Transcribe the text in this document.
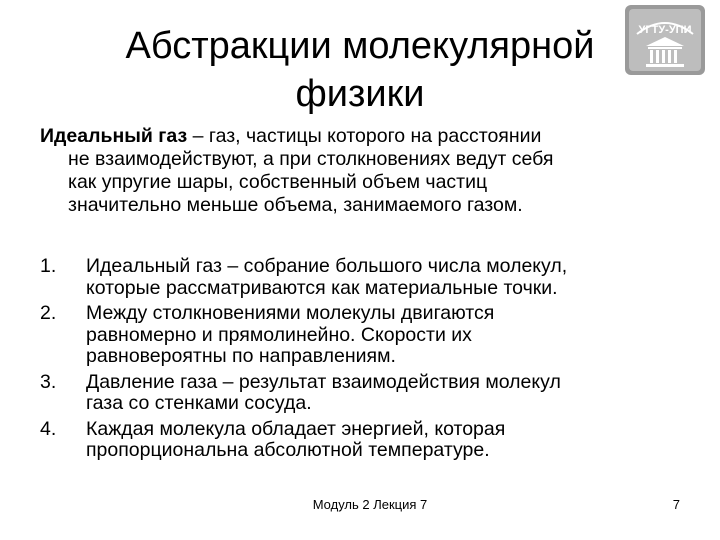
Абстракции молекулярной
физики
УГТУ-УПИ
Идеальный газ – газ, частицы которого на расстоянии
не взаимодействуют, а при столкновениях ведут себя
как упругие шары, собственный объем частиц
значительно меньше объема, занимаемого газом.
1.	Идеальный газ – собрание большого числа молекул,
которые рассматриваются как материальные точки.
2.	Между столкновениями молекулы двигаются
равномерно и прямолинейно. Скорости их
равновероятны по направлениям.
3.	Давление газа – результат взаимодействия молекул
газа со стенками сосуда.
4.	Каждая молекула обладает энергией, которая
пропорциональна абсолютной температуре.
Модуль 2 Лекция 7	7
